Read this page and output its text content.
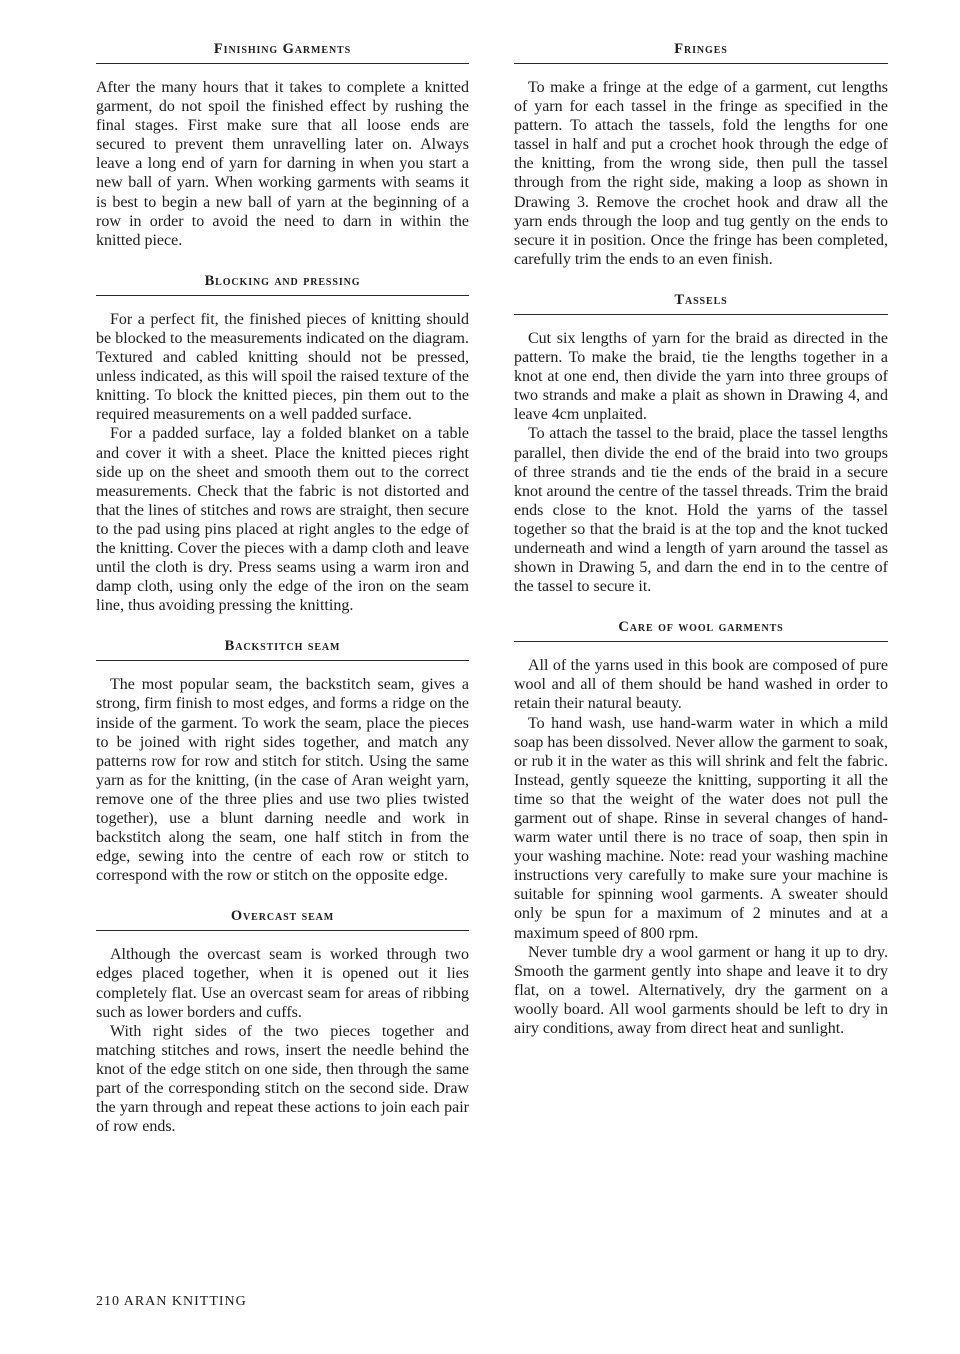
Finishing Garments

After the many hours that it takes to complete a knitted garment, do not spoil the finished effect by rushing the final stages. First make sure that all loose ends are secured to prevent them unravelling later on. Always leave a long end of yarn for darning in when you start a new ball of yarn. When working garments with seams it is best to begin a new ball of yarn at the beginning of a row in order to avoid the need to darn in within the knitted piece.

Blocking and pressing

For a perfect fit, the finished pieces of knitting should be blocked to the measurements indicated on the diagram. Textured and cabled knitting should not be pressed, unless indicated, as this will spoil the raised texture of the knitting. To block the knitted pieces, pin them out to the required measurements on a well padded surface.

For a padded surface, lay a folded blanket on a table and cover it with a sheet. Place the knitted pieces right side up on the sheet and smooth them out to the correct measurements. Check that the fabric is not distorted and that the lines of stitches and rows are straight, then secure to the pad using pins placed at right angles to the edge of the knitting. Cover the pieces with a damp cloth and leave until the cloth is dry. Press seams using a warm iron and damp cloth, using only the edge of the iron on the seam line, thus avoiding pressing the knitting.

Backstitch seam

The most popular seam, the backstitch seam, gives a strong, firm finish to most edges, and forms a ridge on the inside of the garment. To work the seam, place the pieces to be joined with right sides together, and match any patterns row for row and stitch for stitch. Using the same yarn as for the knitting, (in the case of Aran weight yarn, remove one of the three plies and use two plies twisted together), use a blunt darning needle and work in backstitch along the seam, one half stitch in from the edge, sewing into the centre of each row or stitch to correspond with the row or stitch on the opposite edge.

Overcast seam

Although the overcast seam is worked through two edges placed together, when it is opened out it lies completely flat. Use an overcast seam for areas of ribbing such as lower borders and cuffs.

With right sides of the two pieces together and matching stitches and rows, insert the needle behind the knot of the edge stitch on one side, then through the same part of the corresponding stitch on the second side. Draw the yarn through and repeat these actions to join each pair of row ends.

Fringes

To make a fringe at the edge of a garment, cut lengths of yarn for each tassel in the fringe as specified in the pattern. To attach the tassels, fold the lengths for one tassel in half and put a crochet hook through the edge of the knitting, from the wrong side, then pull the tassel through from the right side, making a loop as shown in Drawing 3. Remove the crochet hook and draw all the yarn ends through the loop and tug gently on the ends to secure it in position. Once the fringe has been completed, carefully trim the ends to an even finish.

Tassels

Cut six lengths of yarn for the braid as directed in the pattern. To make the braid, tie the lengths together in a knot at one end, then divide the yarn into three groups of two strands and make a plait as shown in Drawing 4, and leave 4cm unplaited.

To attach the tassel to the braid, place the tassel lengths parallel, then divide the end of the braid into two groups of three strands and tie the ends of the braid in a secure knot around the centre of the tassel threads. Trim the braid ends close to the knot. Hold the yarns of the tassel together so that the braid is at the top and the knot tucked underneath and wind a length of yarn around the tassel as shown in Drawing 5, and darn the end in to the centre of the tassel to secure it.

Care of wool garments

All of the yarns used in this book are composed of pure wool and all of them should be hand washed in order to retain their natural beauty.

To hand wash, use hand-warm water in which a mild soap has been dissolved. Never allow the garment to soak, or rub it in the water as this will shrink and felt the fabric. Instead, gently squeeze the knitting, supporting it all the time so that the weight of the water does not pull the garment out of shape. Rinse in several changes of hand-warm water until there is no trace of soap, then spin in your washing machine. Note: read your washing machine instructions very carefully to make sure your machine is suitable for spinning wool garments. A sweater should only be spun for a maximum of 2 minutes and at a maximum speed of 800 rpm.

Never tumble dry a wool garment or hang it up to dry. Smooth the garment gently into shape and leave it to dry flat, on a towel. Alternatively, dry the garment on a woolly board. All wool garments should be left to dry in airy conditions, away from direct heat and sunlight.

210 ARAN KNITTING
